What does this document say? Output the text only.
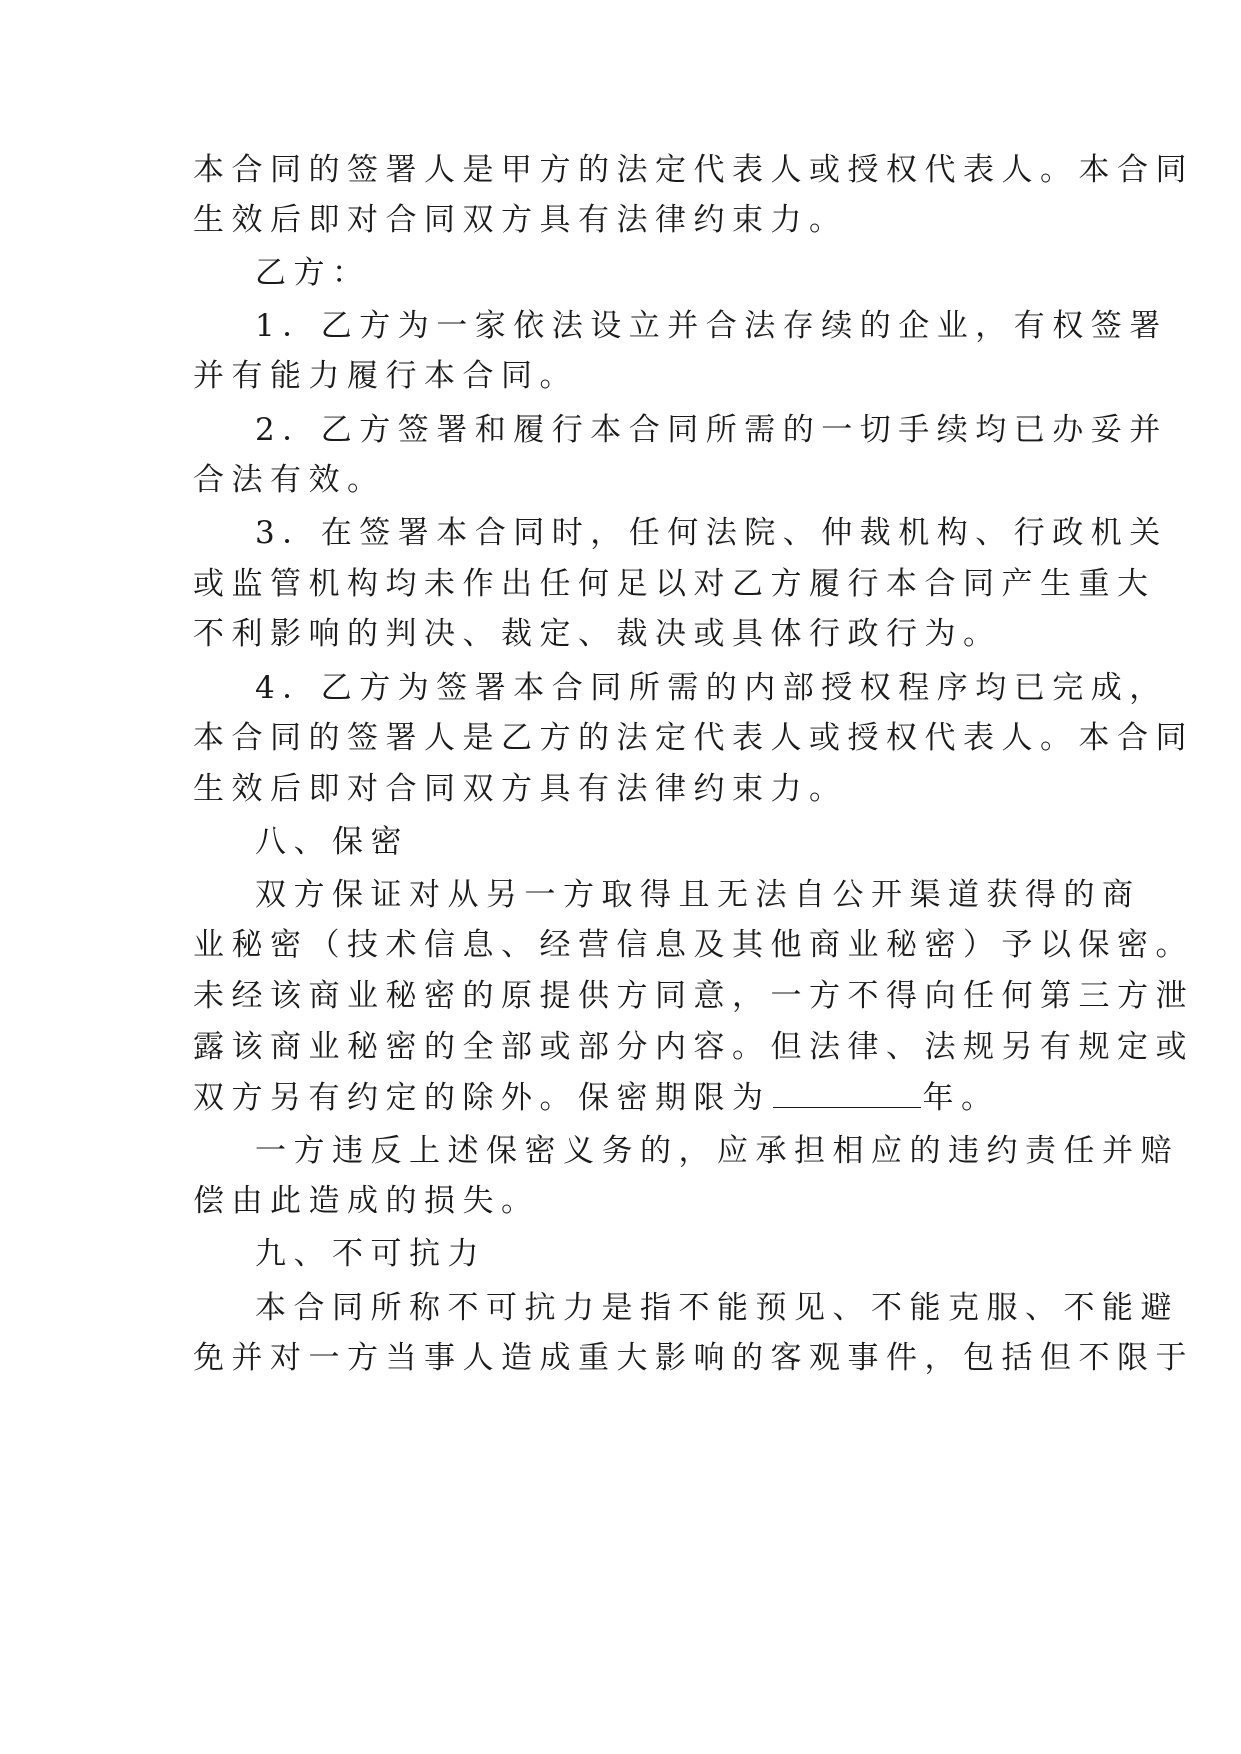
本合同的签署人是甲方的法定代表人或授权代表人。本合同
生效后即对合同双方具有法律约束力。
乙方：
1．乙方为一家依法设立并合法存续的企业，有权签署
并有能力履行本合同。
2．乙方签署和履行本合同所需的一切手续均已办妥并
合法有效。
3．在签署本合同时，任何法院、仲裁机构、行政机关
或监管机构均未作出任何足以对乙方履行本合同产生重大
不利影响的判决、裁定、裁决或具体行政行为。
4．乙方为签署本合同所需的内部授权程序均已完成，
本合同的签署人是乙方的法定代表人或授权代表人。本合同
生效后即对合同双方具有法律约束力。
八、保密
双方保证对从另一方取得且无法自公开渠道获得的商
业秘密（技术信息、经营信息及其他商业秘密）予以保密。
未经该商业秘密的原提供方同意，一方不得向任何第三方泄
露该商业秘密的全部或部分内容。但法律、法规另有规定或
双方另有约定的除外。保密期限为	年。
一方违反上述保密义务的，应承担相应的违约责任并赔
偿由此造成的损失。
九、不可抗力
本合同所称不可抗力是指不能预见、不能克服、不能避
免并对一方当事人造成重大影响的客观事件，包括但不限于
